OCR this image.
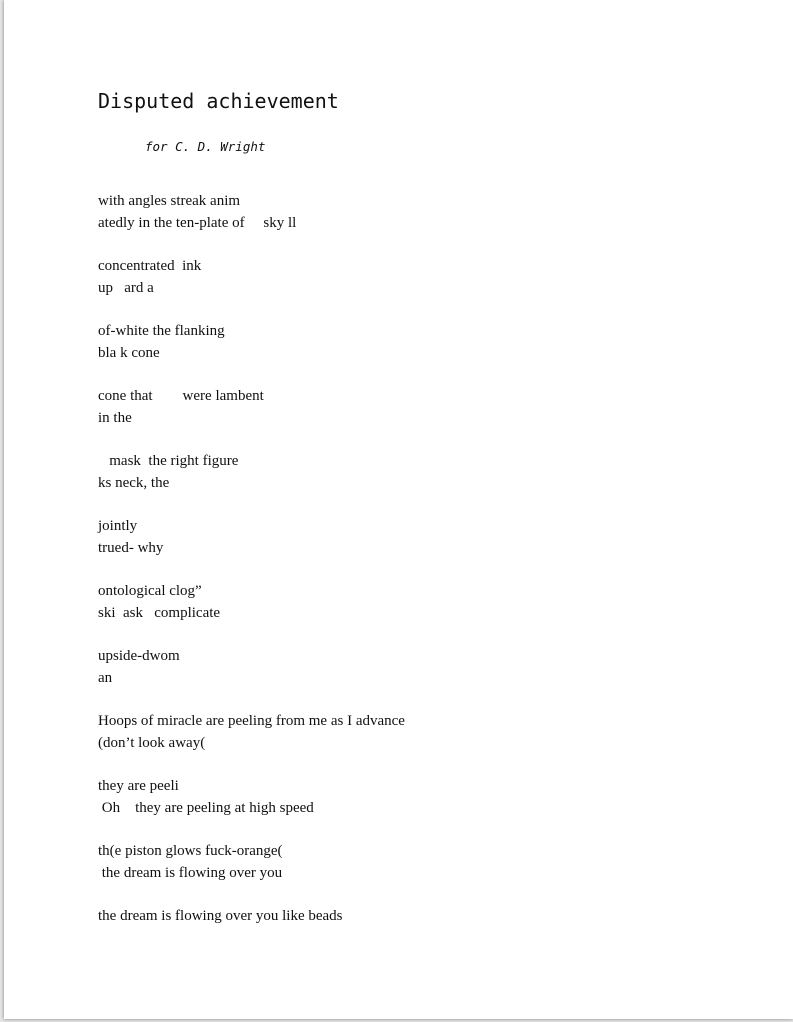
Disputed achievement
for C. D. Wright
with angles streak anim
atedly in the ten-plate of     sky ll
concentrated  ink
up   ard a
of-white the flanking
bla k cone
cone that        were lambent
in the
mask  the right figure
ks neck, the
jointly
trued- why
ontological clog”
ski  ask   complicate
upside-dwom
an
Hoops of miracle are peeling from me as I advance
(don’t look away(
they are peeli
Oh    they are peeling at high speed
th(e piston glows fuck-orange(
the dream is flowing over you
the dream is flowing over you like beads
